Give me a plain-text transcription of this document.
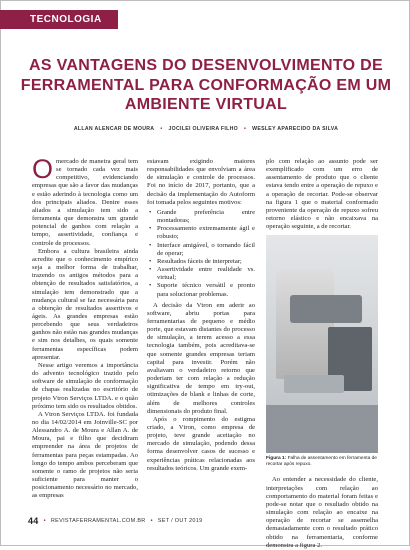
TECNOLOGIA
AS VANTAGENS DO DESENVOLVIMENTO DE FERRAMENTAL PARA CONFORMAÇÃO EM UM AMBIENTE VIRTUAL
ALLAN ALENCAR DE MOURA • JOCILEI OLIVEIRA FILHO • WESLEY APARECIDO DA SILVA

Omercado de maneira geral tem se tornado cada vez mais competitivo, evidenciando empresas que são a favor das mudanças e estão aderindo à tecnologia como um dos principais aliados. Dentre esses aliados a simulação tem sido a ferramenta que demonstra um grande potencial de ganhos com relação a tempo, assertividade, confiança e controle de processos.

Embora a cultura brasileira ainda acredite que o conhecimento empírico seja a melhor forma de trabalhar, trazendo os antigos métodos para a obtenção de resultados satisfatórios, a simulação tem demonstrado que a mudança cultural se faz necessária para a obtenção de resultados assertivos e ágeis. As grandes empresas estão percebendo que seus verdadeiros ganhos não estão nas grandes mudanças e sim nos detalhes, os quais somente ferramentas específicas podem apresentar.

Nesse artigo veremos a importância do advento tecnológico trazido pelo software de simulação de conformação de chapas realizadas no escritório de projeto Vtron Serviços LTDA. e o quão próximo tem sido os resultados obtidos.

A Vtron Serviços LTDA. foi fundada no dia 14/02/2014 em Joinville-SC por Alessandro A. de Moura e Allan A. de Moura, pai e filho que decidiram empreender na área de projetos de ferramentas para peças estampadas. Ao longo do tempo ambos perceberam que somente o ramo de projetos não seria suficiente para manter o posicionamento necessário no mercado, as empresas

estavam exigindo maiores responsabilidades que envolviam a área de simulação e controle de processos. Foi no início de 2017, portanto, que a decisão da implementação do Autoform foi tomada pelos seguintes motivos:

• Grande preferência entre montadoras;
• Processamento extremamente ágil e robusto;
• Interface amigável, o tornando fácil de operar;
• Resultados fáceis de interpretar;
• Assertividade entre realidade vs. virtual;
• Suporte técnico versátil e pronto para solucionar problemas.

A decisão da Vtron em aderir ao software, abriu portas para ferramentarias de pequeno e médio porte, que estavam distantes do processo de simulação, a terem acesso a essa tecnologia também, pois acreditava-se que somente grandes empresas teriam capital para investir. Porém não avaliavam o verdadeiro retorno que poderiam ter com relação a redução significativa de tempo em try-out, otimizações de blank e linhas de corte, além de melhores controles dimensionais do produto final.

Após o rompimento do estigma criado, a Vtron, como empresa de projeto, teve grande aceitação no mercado de simulação, podendo dessa forma desenvolver casos de sucesso e experiências práticas relacionadas aos resultados teóricos. Um grande exem-

plo com relação ao assunto pode ser exemplificado com um erro de assentamento de produto que o cliente estava tendo entre a operação de repuxo e a operação de recortar. Pode-se observar na figura 1 que o material conformado proveniente da operação de repuxo sofreu retorno elástico e não encaixava na operação seguinte, a de recortar.

Figura 1: Falha de assentamento em ferramenta de recortar após repuxo.

Ao entender a necessidade do cliente, interpretações com relação ao comportamento do material foram feitas e pode-se notar que o resultado obtido na simulação com relação ao encaixe na operação de recortar se assemelha demasiadamente com o resultado prático obtido na ferramentaria, conforme demonstra a figura 2.

44 • REVISTAFERRAMENTAL.COM.BR • SET / OUT 2019
